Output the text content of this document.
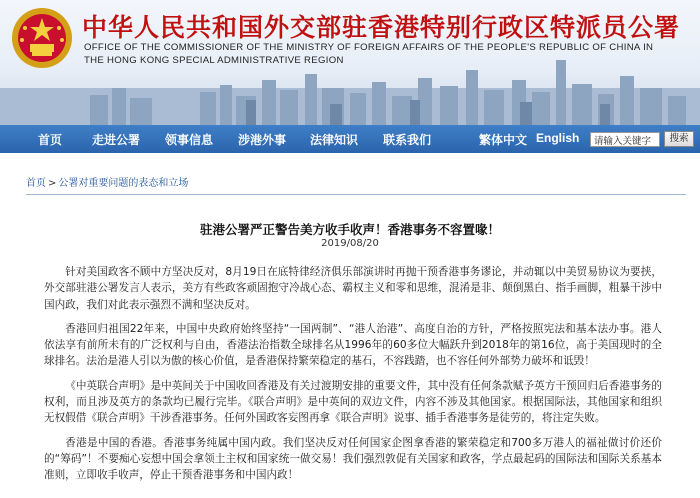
中华人民共和国外交部驻香港特别行政区特派员公署
OFFICE OF THE COMMISSIONER OF THE MINISTRY OF FOREIGN AFFAIRS OF THE PEOPLE'S REPUBLIC OF CHINA IN
THE HONG KONG SPECIAL ADMINISTRATIVE REGION
首页 走进公署 领事信息 涉港外事 法律知识 联系我们	繁体中文 English
请输入关键字	搜索
首页 > 公署对重要问题的表态和立场
驻港公署严正警告美方收手收声！香港事务不容置喙！
2019/08/20

针对美国政客不顾中方坚决反对，8月19日在底特律经济俱乐部演讲时再抛干预香港事务谬论，并动辄以中美贸易协议为要挟，外交部驻港公署发言人表示，美方有些政客顽固抱守冷战心态、霸权主义和零和思维，混淆是非、颠倒黑白、指手画脚，粗暴干涉中国内政，我们对此表示强烈不满和坚决反对。

香港回归祖国22年来，中国中央政府始终坚持“一国两制”、“港人治港”、高度自治的方针，严格按照宪法和基本法办事。港人依法享有前所未有的广泛权利与自由，香港法治指数全球排名从1996年的60多位大幅跃升到2018年的第16位，高于美国现时的全球排名。法治是港人引以为傲的核心价值，是香港保持繁荣稳定的基石，不容践踏，也不容任何外部势力破坏和诋毁！

《中英联合声明》是中英间关于中国收回香港及有关过渡期安排的重要文件，其中没有任何条款赋予英方干预回归后香港事务的权利，而且涉及英方的条款均已履行完毕。《联合声明》是中英间的双边文件，内容不涉及其他国家。根据国际法，其他国家和组织无权假借《联合声明》干涉香港事务。任何外国政客妄图再拿《联合声明》说事、插手香港事务是徒劳的，将注定失败。

香港是中国的香港。香港事务纯属中国内政。我们坚决反对任何国家企图拿香港的繁荣稳定和700多万港人的福祉做讨价还价的“筹码”！不要痴心妄想中国会拿领土主权和国家统一做交易！我们强烈敦促有关国家和政客，学点最起码的国际法和国际关系基本准则，立即收手收声，停止干预香港事务和中国内政！
